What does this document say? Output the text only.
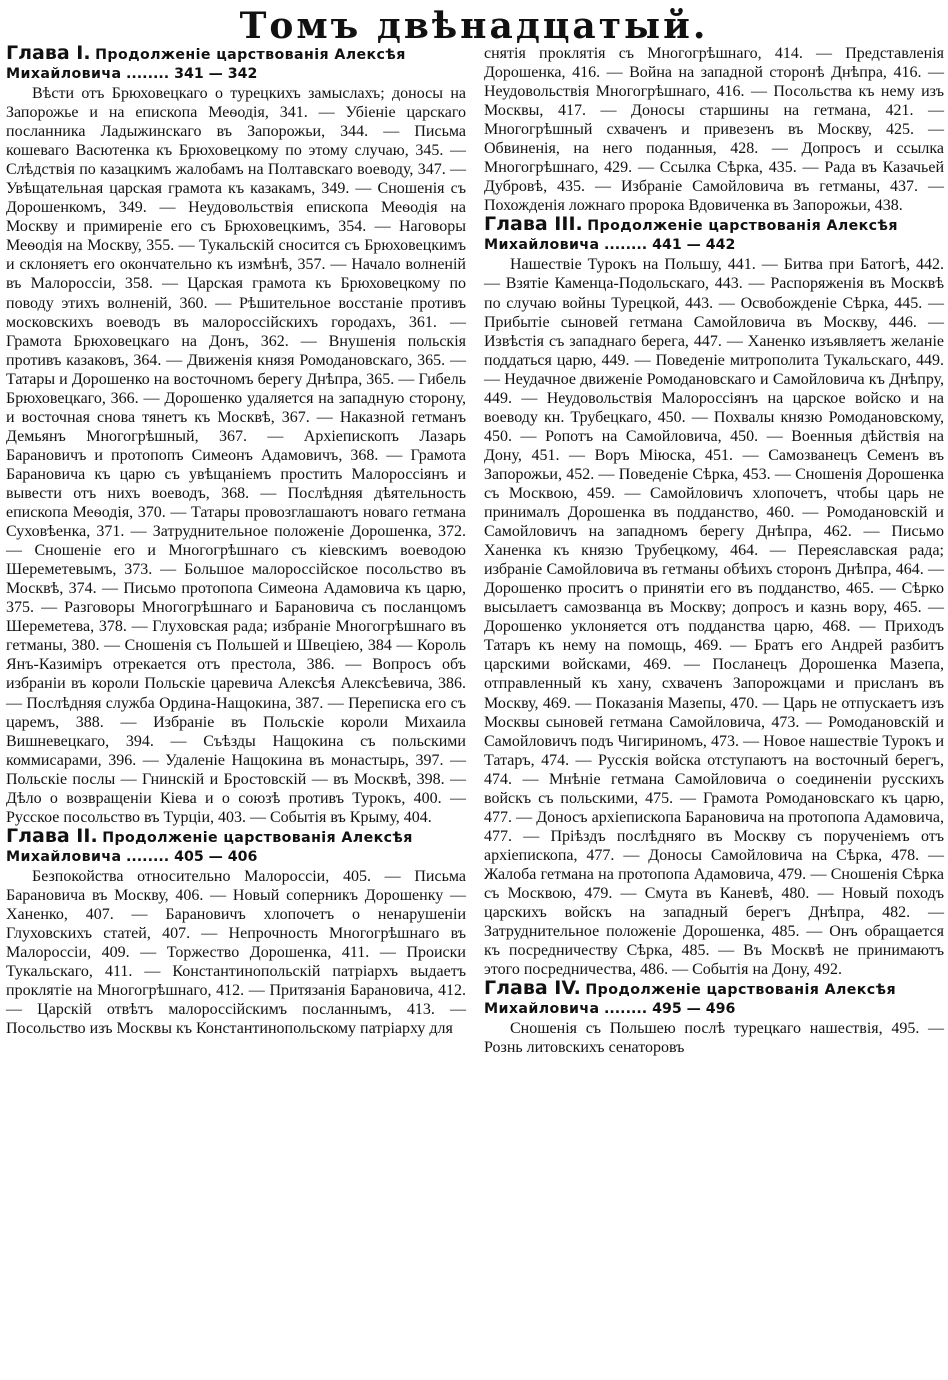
Томъ двѣнадцатый.

Глава I. Продолженіе царствованія Алексѣя Михайловича ........ 341 — 342

Вѣсти отъ Брюховецкаго о турецкихъ замыслахъ; доносы на Запорожье и на епископа Меѳодія, 341. — Убіеніе царскаго посланника Ладыжинскаго въ Запорожьи, 344. — Письма кошеваго Васютенка къ Брюховецкому по этому случаю, 345. — Слѣдствія по казацкимъ жалобамъ на Полтавскаго воеводу, 347. — Увѣщательная царская грамота къ казакамъ, 349. — Сношенія съ Дорошенкомъ, 349. — Неудовольствія епископа Меѳодія на Москву и примиреніе его съ Брюховецкимъ, 354. — Наговоры Меѳодія на Москву, 355. — Тукальскій сносится съ Брюховецкимъ и склоняетъ его окончательно къ измѣнѣ, 357. — Начало волненій въ Малороссіи, 358. — Царская грамота къ Брюховецкому по поводу этихъ волненій, 360. — Рѣшительное восстаніе противъ московскихъ воеводъ въ малороссійскихъ городахъ, 361. — Грамота Брюховецкаго на Донъ, 362. — Внушенія польскія противъ казаковъ, 364. — Движенія князя Ромодановскаго, 365. — Татары и Дорошенко на восточномъ берегу Днѣпра, 365. — Гибель Брюховецкаго, 366. — Дорошенко удаляется на западную сторону, и восточная снова тянетъ къ Москвѣ, 367. — Наказной гетманъ Демьянъ Многогрѣшный, 367. — Архіепископъ Лазарь Барановичъ и протопопъ Симеонъ Адамовичъ, 368. — Грамота Барановича къ царю съ увѣщаніемъ простить Малороссіянъ и вывести отъ нихъ воеводъ, 368. — Послѣдняя дѣятельность епископа Меѳодія, 370. — Татары провозглашаютъ новаго гетмана Суховѣенка, 371. — Затруднительное положеніе Дорошенка, 372. — Сношеніе его и Многогрѣшнаго съ кіевскимъ воеводою Шереметевымъ, 373. — Большое малороссійское посольство въ Москвѣ, 374. — Письмо протопопа Симеона Адамовича къ царю, 375. — Разговоры Многогрѣшнаго и Барановича съ посланцомъ Шереметева, 378. — Глуховская рада; избраніе Многогрѣшнаго въ гетманы, 380. — Сношенія съ Польшей и Швеціею, 384 — Король Янъ-Казиміръ отрекается отъ престола, 386. — Вопросъ объ избраніи въ короли Польскіе царевича Алексѣя Алексѣевича, 386. — Послѣдняя служба Ордина-Нащокина, 387. — Переписка его съ царемъ, 388. — Избраніе въ Польскіе короли Михаила Вишневецкаго, 394. — Съѣзды Нащокина съ польскими коммисарами, 396. — Удаленіе Нащокина въ монастырь, 397. — Польскіе послы — Гнинскій и Бростовскій — въ Москвѣ, 398. — Дѣло о возвращеніи Кіева и о союзѣ противъ Турокъ, 400. — Русское посольство въ Турціи, 403. — Событія въ Крыму, 404.

Глава II. Продолженіе царствованія Алексѣя Михайловича ........ 405 — 406

Безпокойства относительно Малороссіи, 405. — Письма Барановича въ Москву, 406. — Новый соперникъ Дорошенку — Ханенко, 407. — Барановичъ хлопочетъ о ненарушеніи Глуховскихъ статей, 407. — Непрочность Многогрѣшнаго въ Малороссіи, 409. — Торжество Дорошенка, 411. — Происки Тукальскаго, 411. — Константинопольскій патріархъ выдаетъ проклятіе на Многогрѣшнаго, 412. — Притязанія Барановича, 412. — Царскій отвѣтъ малороссійскимъ посланнымъ, 413. — Посольство изъ Москвы къ Константинопольскому патріарху для

снятія проклятія съ Многогрѣшнаго, 414. — Представленія Дорошенка, 416. — Война на западной сторонѣ Днѣпра, 416. — Неудовольствія Многогрѣшнаго, 416. — Посольства къ нему изъ Москвы, 417. — Доносы старшины на гетмана, 421. — Многогрѣшный схваченъ и привезенъ въ Москву, 425. — Обвиненія, на него поданныя, 428. — Допросъ и ссылка Многогрѣшнаго, 429. — Ссылка Сѣрка, 435. — Рада въ Казачьей Дубровѣ, 435. — Избраніе Самойловича въ гетманы, 437. — Похожденія ложнаго пророка Вдовиченка въ Запорожьи, 438.

Глава III. Продолженіе царствованія Алексѣя Михайловича ........ 441 — 442

Нашествіе Турокъ на Польшу, 441. — Битва при Батогѣ, 442. — Взятіе Каменца-Подольскаго, 443. — Распоряженія въ Москвѣ по случаю войны Турецкой, 443. — Освобожденіе Сѣрка, 445. — Прибытіе сыновей гетмана Самойловича въ Москву, 446. — Извѣстія съ западнаго берега, 447. — Ханенко изъявляетъ желаніе поддаться царю, 449. — Поведеніе митрополита Тукальскаго, 449. — Неудачное движеніе Ромодановскаго и Самойловича къ Днѣпру, 449. — Неудовольствія Малороссіянъ на царское войско и на воеводу кн. Трубецкаго, 450. — Похвалы князю Ромодановскому, 450. — Ропотъ на Самойловича, 450. — Военныя дѣйствія на Дону, 451. — Воръ Міюска, 451. — Самозванецъ Семенъ въ Запорожьи, 452. — Поведеніе Сѣрка, 453. — Сношенія Дорошенка съ Москвою, 459. — Самойловичъ хлопочетъ, чтобы царь не принималъ Дорошенка въ подданство, 460. — Ромодановскій и Самойловичъ на западномъ берегу Днѣпра, 462. — Письмо Ханенка къ князю Трубецкому, 464. — Переяславская рада; избраніе Самойловича въ гетманы обѣихъ сторонъ Днѣпра, 464. — Дорошенко проситъ о принятіи его въ подданство, 465. — Сѣрко высылаетъ самозванца въ Москву; допросъ и казнь вору, 465. — Дорошенко уклоняется отъ подданства царю, 468. — Приходъ Татаръ къ нему на помощь, 469. — Братъ его Андрей разбитъ царскими войсками, 469. — Посланецъ Дорошенка Мазепа, отправленный къ хану, схваченъ Запорожцами и присланъ въ Москву, 469. — Показанія Мазепы, 470. — Царь не отпускаетъ изъ Москвы сыновей гетмана Самойловича, 473. — Ромодановскій и Самойловичъ подъ Чигириномъ, 473. — Новое нашествіе Турокъ и Татаръ, 474. — Русскія войска отступаютъ на восточный берегъ, 474. — Мнѣніе гетмана Самойловича о соединеніи русскихъ войскъ съ польскими, 475. — Грамота Ромодановскаго къ царю, 477. — Доносъ архіепископа Барановича на протопопа Адамовича, 477. — Пріѣздъ послѣдняго въ Москву съ порученіемъ отъ архіепископа, 477. — Доносы Самойловича на Сѣрка, 478. — Жалоба гетмана на протопопа Адамовича, 479. — Сношенія Сѣрка съ Москвою, 479. — Смута въ Каневѣ, 480. — Новый походъ царскихъ войскъ на западный берегъ Днѣпра, 482. — Затруднительное положеніе Дорошенка, 485. — Онъ обращается къ посредничеству Сѣрка, 485. — Въ Москвѣ не принимаютъ этого посредничества, 486. — Событія на Дону, 492.

Глава IV. Продолженіе царствованія Алексѣя Михайловича ........ 495 — 496

Сношенія съ Польшею послѣ турецкаго нашествія, 495. — Рознь литовскихъ сенаторовъ
